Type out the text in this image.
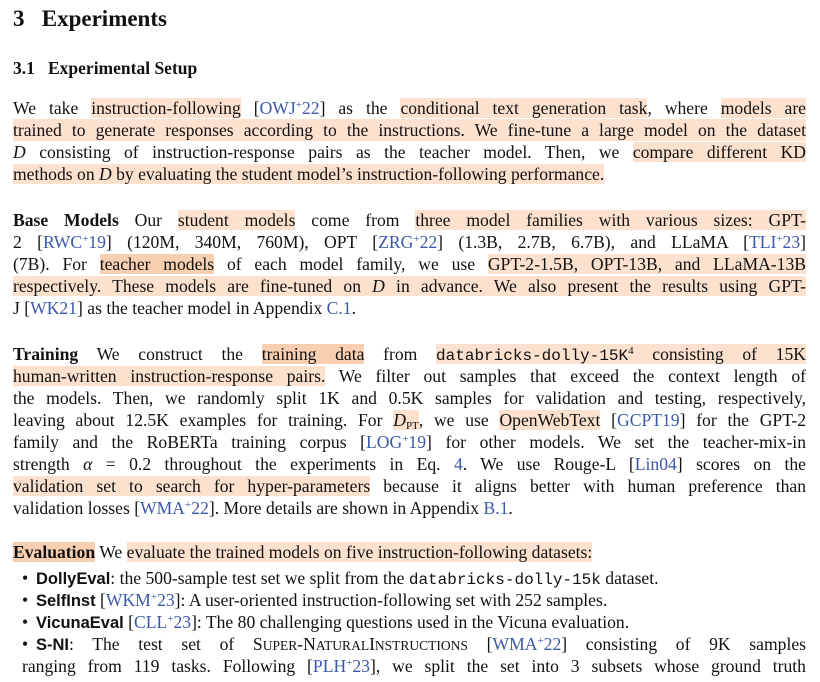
3 Experiments
3.1 Experimental Setup
We take instruction-following [OWJ+22] as the conditional text generation task, where models are
trained to generate responses according to the instructions. We fine-tune a large model on the dataset
D consisting of instruction-response pairs as the teacher model. Then, we compare different KD
methods on D by evaluating the student model’s instruction-following performance.
Base Models Our student models come from three model families with various sizes: GPT-
2 [RWC+19] (120M, 340M, 760M), OPT [ZRG+22] (1.3B, 2.7B, 6.7B), and LLaMA [TLI+23]
(7B). For teacher models of each model family, we use GPT-2-1.5B, OPT-13B, and LLaMA-13B
respectively. These models are fine-tuned on D in advance. We also present the results using GPT-
J [WK21] as the teacher model in Appendix C.1.
Training We construct the training data from databricks-$dolly-15K^4$ consisting of 15K
human-written instruction-response pairs. We filter out samples that exceed the context length of
the models. Then, we randomly split 1K and 0.5K samples for validation and testing, respectively,
leaving about 12.5K examples for training. For $D_{PT}$, we use OpenWebText [GCPT19] for the GPT-2
family and the RoBERTa training corpus [LOG+19] for other models. We set the teacher-mix-in
strength α = 0.2 throughout the experiments in Eq. 4. We use Rouge-L [Lin04] scores on the
validation set to search for hyper-parameters because it aligns better with human preference than
validation losses [WMA+22]. More details are shown in Appendix B.1.
Evaluation We evaluate the trained models on five instruction-following datasets:
• DollyEval: the 500-sample test set we split from the databricks-dolly-15k dataset.
• SelfInst [WKM+23]: A user-oriented instruction-following set with 252 samples.
• VicunaEval [CLL+23]: The 80 challenging questions used in the Vicuna evaluation.
• S-NI: The test set of SUPER-NATURALINSTRUCTIONS [WMA+22] consisting of 9K samples
ranging from 119 tasks. Following [PLH+23], we split the set into 3 subsets whose ground truth
